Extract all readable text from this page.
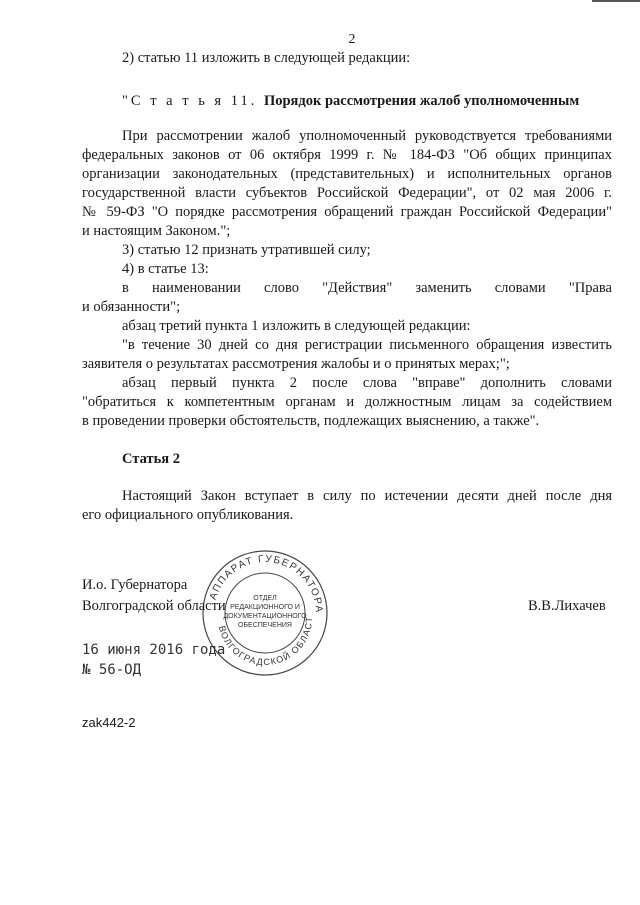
2
2) статью 11 изложить в следующей редакции:
"С т а т ь я 11. Порядок рассмотрения жалоб уполномоченным
При рассмотрении жалоб уполномоченный руководствуется требованиями
федеральных законов от 06 октября 1999 г. № 184-ФЗ "Об общих принципах
организации законодательных (представительных) и исполнительных органов
государственной власти субъектов Российской Федерации", от 02 мая 2006 г.
№ 59-ФЗ "О порядке рассмотрения обращений граждан Российской Федерации"
и настоящим Законом.";
3) статью 12 признать утратившей силу;
4) в статье 13:
в наименовании слово "Действия" заменить словами "Права
и обязанности";
абзац третий пункта 1 изложить в следующей редакции:
"в течение 30 дней со дня регистрации письменного обращения известить
заявителя о результатах рассмотрения жалобы и о принятых мерах;";
абзац первый пункта 2 после слова "вправе" дополнить словами
"обратиться к компетентным органам и должностным лицам за содействием
в проведении проверки обстоятельств, подлежащих выяснению, а также".
Статья 2
Настоящий Закон вступает в силу по истечении десяти дней после дня
его официального опубликования.
АППАРАТ ГУБЕРНАТОРА
ВОЛГОГРАДСКОЙ ОБЛАСТ
ОТДЕЛ
РЕДАКЦИОННОГО И
ДОКУМЕНТАЦИОННОГО
ОБЕСПЕЧЕНИЯ
И.о. Губернатора
Волгоградской области	В.В.Лихачев
16 июня 2016 года
№ 56-ОД
zak442-2
